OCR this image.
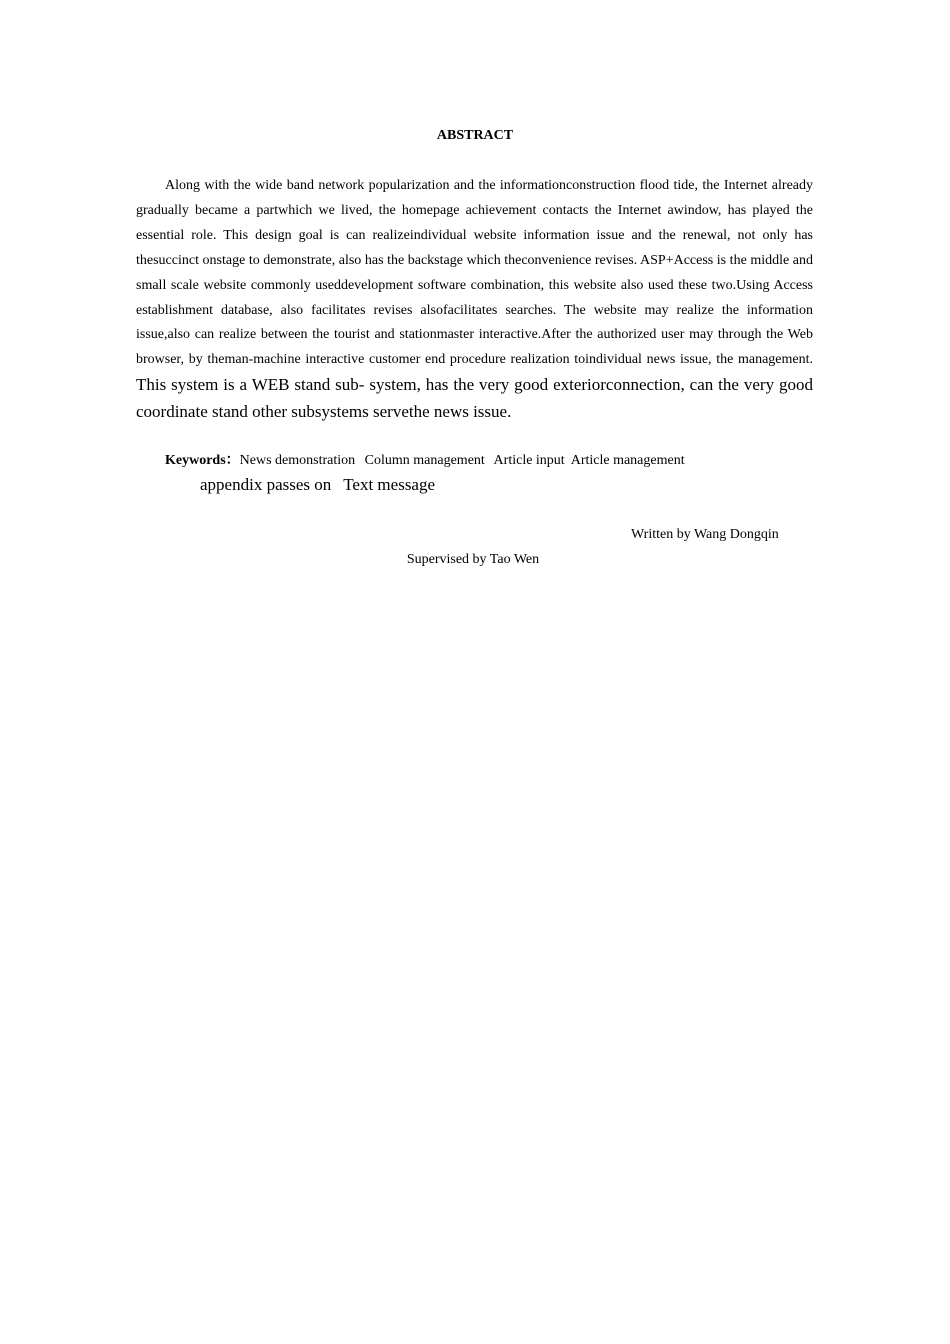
ABSTRACT
Along with the wide band network popularization and the informationconstruction flood tide, the Internet already gradually became a partwhich we lived, the homepage achievement contacts the Internet awindow, has played the essential role. This design goal is can realizeindividual website information issue and the renewal, not only has thesuccinct onstage to demonstrate, also has the backstage which theconvenience revises. ASP+Access is the middle and small scale website commonly useddevelopment software combination, this website also used these two.Using Access establishment database, also facilitates revises alsofacilitates searches. The website may realize the information issue,also can realize between the tourist and stationmaster interactive.After the authorized user may through the Web browser, by theman-machine interactive customer end procedure realization toindividual news issue, the management. This system is a WEB stand sub- system, has the very good exteriorconnection, can the very good coordinate stand other subsystems servethe news issue.
Keywords：News demonstration Column management Article input Article management
appendix passes on Text message
Written by Wang Dongqin
Supervised by Tao Wen
